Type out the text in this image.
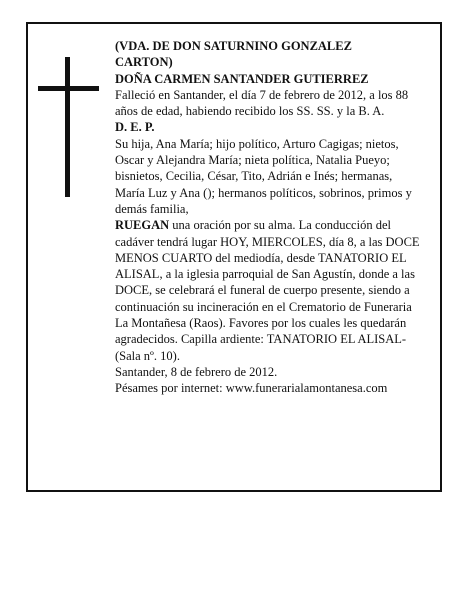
(VDA. DE DON SATURNINO GONZALEZ

CARTON)

DOÑA CARMEN SANTANDER GUTIERREZ

Falleció en Santander, el día 7 de febrero de 2012, a los 88 años de edad, habiendo recibido los SS. SS. y la B. A.

D. E. P.

Su hija, Ana María; hijo político, Arturo Cagigas; nietos, Oscar y Alejandra María; nieta política, Natalia Pueyo; bisnietos, Cecilia, César, Tito, Adrián e Inés; hermanas, María Luz y Ana (); hermanos políticos, sobrinos, primos y demás familia,

RUEGAN una oración por su alma. La conducción del cadáver tendrá lugar HOY, MIERCOLES, día 8, a las DOCE MENOS CUARTO del mediodía, desde TANATORIO EL ALISAL, a la iglesia parroquial de San Agustín, donde a las DOCE, se celebrará el funeral de cuerpo presente, siendo a continuación su incineración en el Crematorio de Funeraria La Montañesa (Raos). Favores por los cuales les quedarán agradecidos. Capilla ardiente: TANATORIO EL ALISAL-(Sala nº. 10).

Santander, 8 de febrero de 2012.

Pésames por internet: www.funerarialamontanesa.com
